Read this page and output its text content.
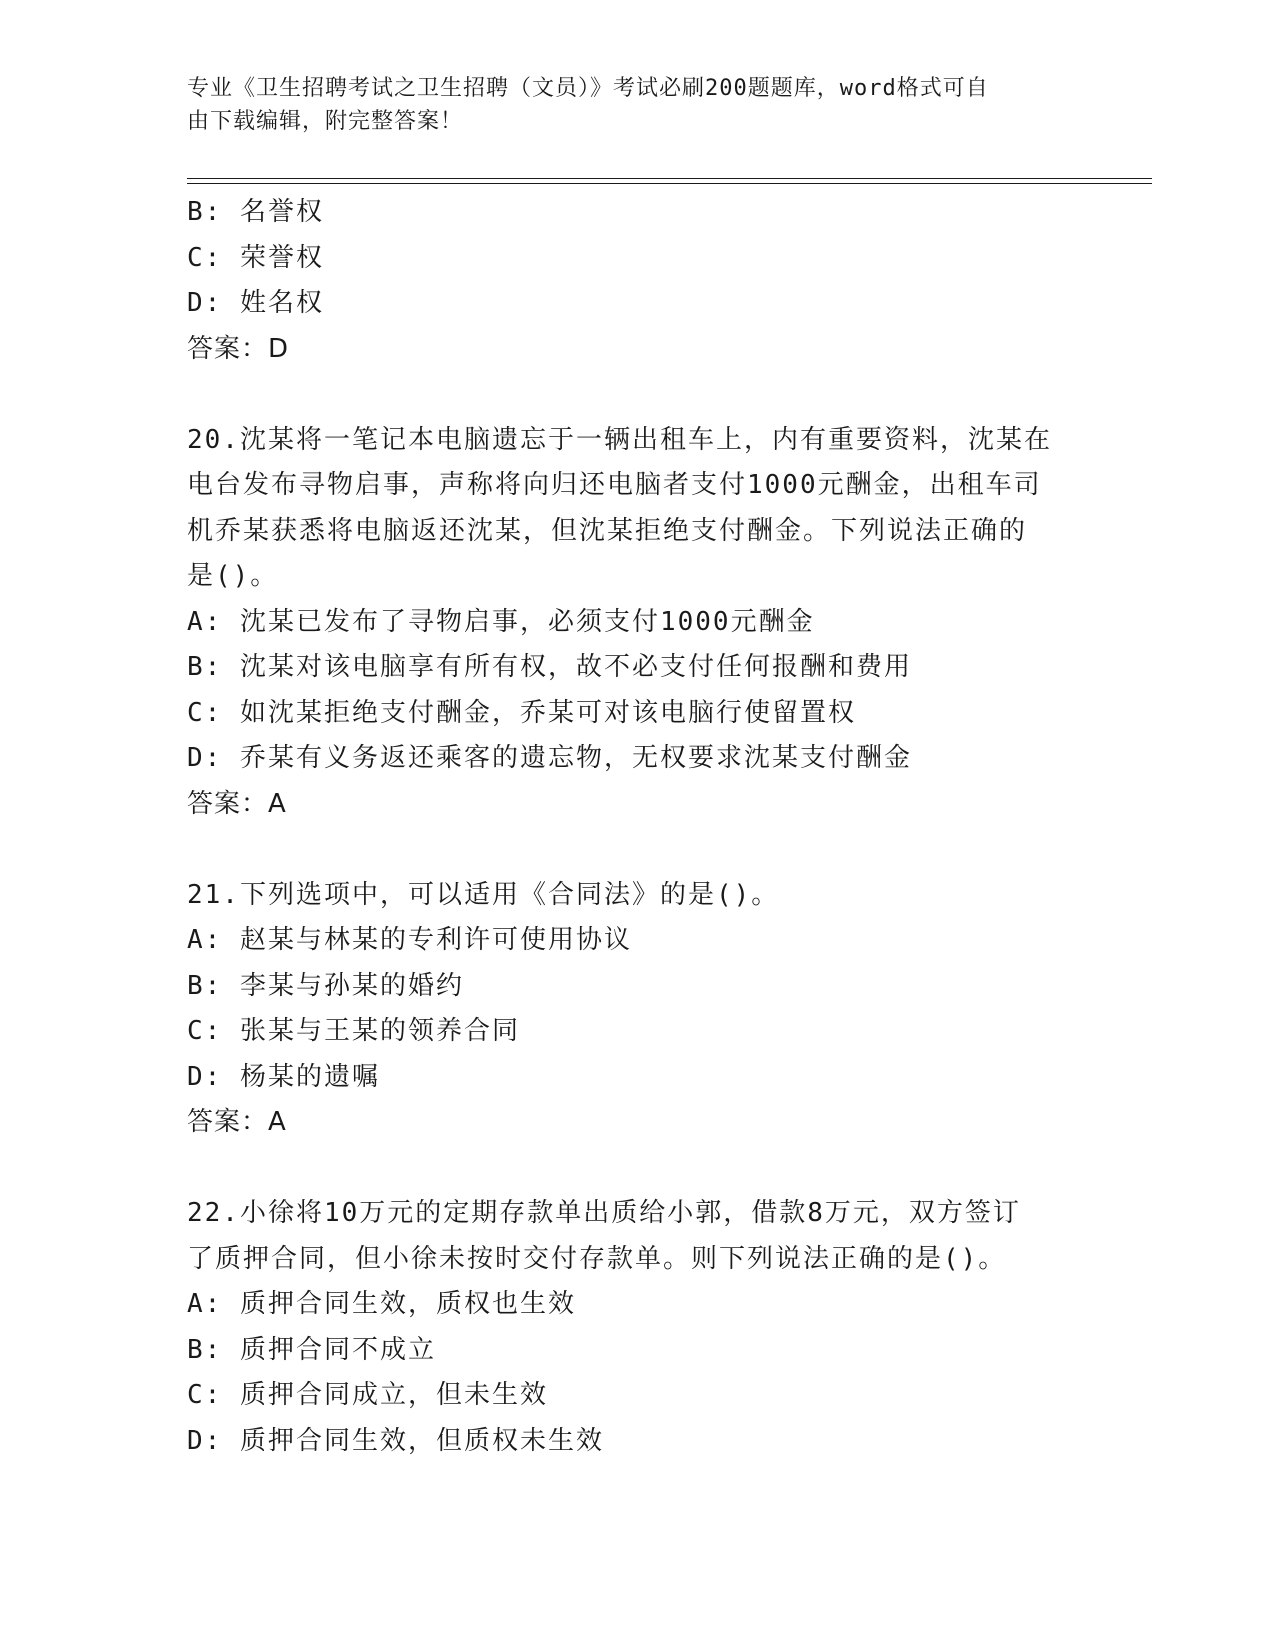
专业《卫生招聘考试之卫生招聘（文员）》考试必刷200题题库，word格式可自
由下载编辑，附完整答案！
B: 名誉权
C: 荣誉权
D: 姓名权
答案：D
20.沈某将一笔记本电脑遗忘于一辆出租车上，内有重要资料，沈某在
电台发布寻物启事，声称将向归还电脑者支付1000元酬金，出租车司
机乔某获悉将电脑返还沈某，但沈某拒绝支付酬金。下列说法正确的
是()。
A: 沈某已发布了寻物启事，必须支付1000元酬金
B: 沈某对该电脑享有所有权，故不必支付任何报酬和费用
C: 如沈某拒绝支付酬金，乔某可对该电脑行使留置权
D: 乔某有义务返还乘客的遗忘物，无权要求沈某支付酬金
答案：A
21.下列选项中，可以适用《合同法》的是()。
A: 赵某与林某的专利许可使用协议
B: 李某与孙某的婚约
C: 张某与王某的领养合同
D: 杨某的遗嘱
答案：A
22.小徐将10万元的定期存款单出质给小郭，借款8万元，双方签订
了质押合同，但小徐未按时交付存款单。则下列说法正确的是()。
A: 质押合同生效，质权也生效
B: 质押合同不成立
C: 质押合同成立，但未生效
D: 质押合同生效，但质权未生效
